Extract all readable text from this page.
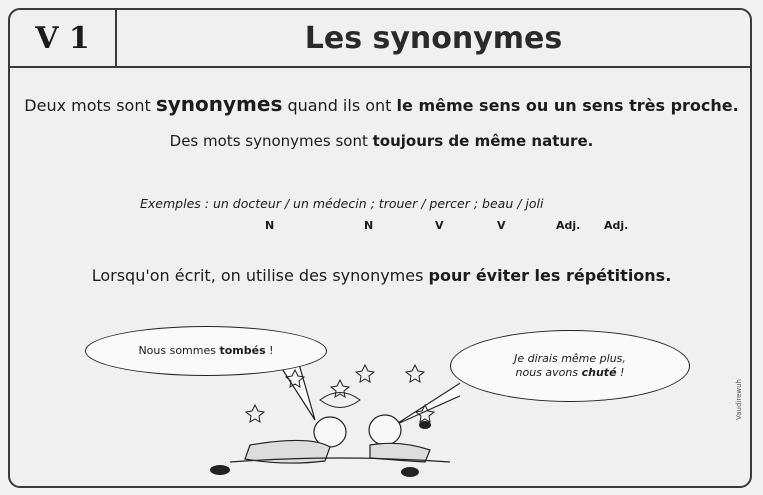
V 1	Les synonymes
Deux mots sont synonymes quand ils ont le même sens ou un sens très proche.
Des mots synonymes sont toujours de même nature.
Exemples : un docteur / un médecin ; trouer / percer ; beau / joli
N	N	V	V	Adj. Adj.
Lorsqu'on écrit, on utilise des synonymes pour éviter les répétitions.
Nous sommes tombés !
Je dirais même plus,
nous avons chuté !
Vaudirewuh
